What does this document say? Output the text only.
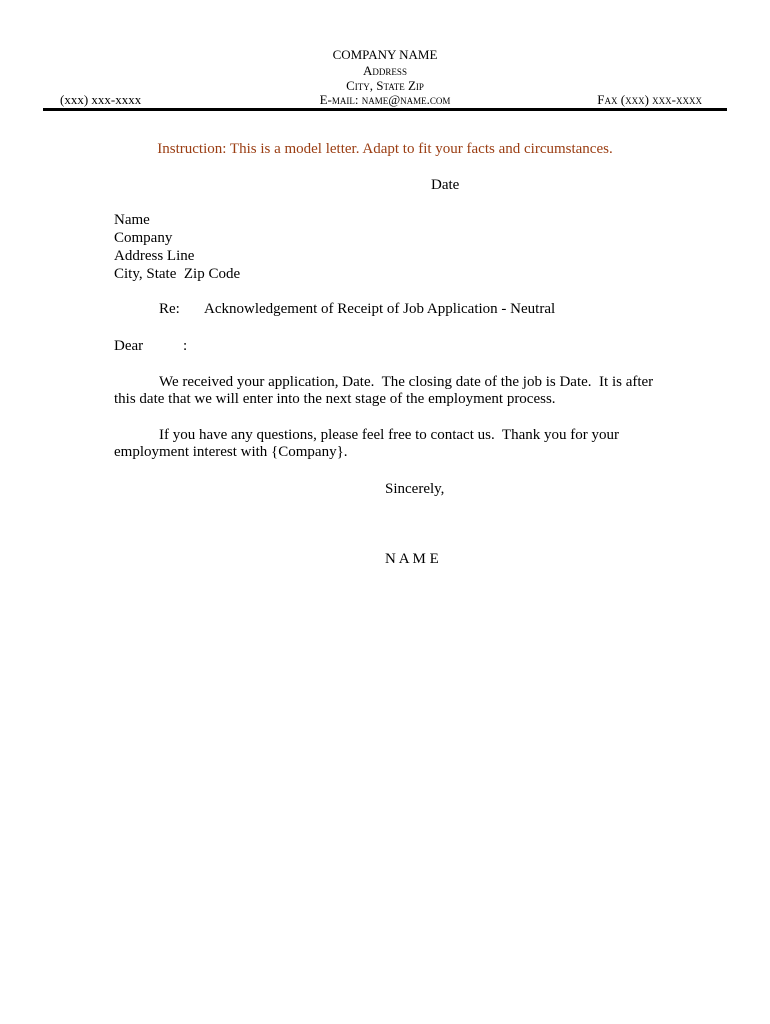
COMPANY NAME
Address
City, State Zip
(xxx) xxx-xxxx	E-mail: name@name.com	Fax (xxx) xxx-xxxx
Instruction: This is a model letter. Adapt to fit your facts and circumstances.
Date

Name

Company

Address Line

City, State  Zip Code

Re: Acknowledgement of Receipt of Job Application - Neutral
Dear	:
We received your application, Date.  The closing date of the job is Date.  It is after
this date that we will enter into the next stage of the employment process.
If you have any questions, please feel free to contact us.  Thank you for your
employment interest with {Company}.
Sincerely,
N A M E
